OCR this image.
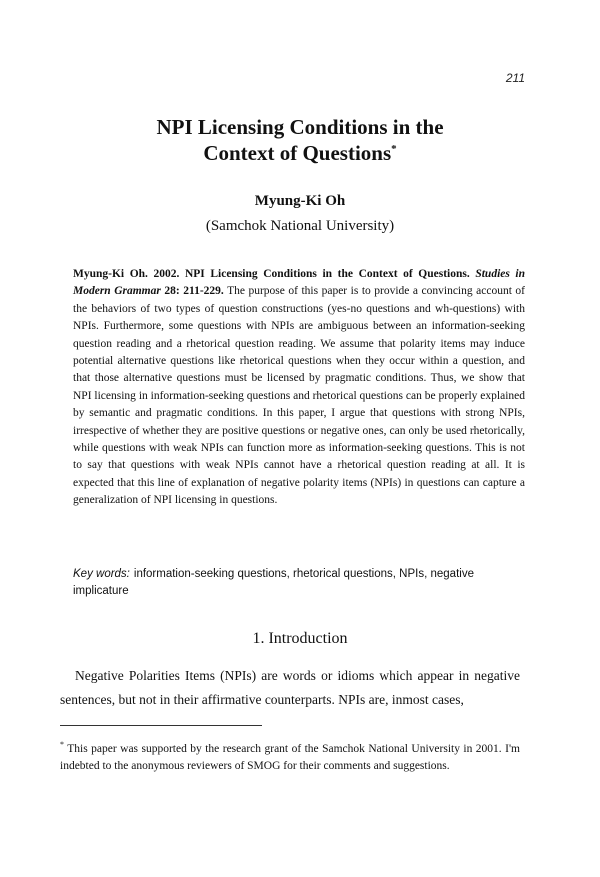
211
NPI Licensing Conditions in the
Context of Questions*
Myung-Ki Oh
(Samchok National University)
Myung-Ki Oh. 2002. NPI Licensing Conditions in the Context of Questions. Studies in Modern Grammar 28: 211-229. The purpose of this paper is to provide a convincing account of the behaviors of two types of question constructions (yes-no questions and wh-questions) with NPIs. Furthermore, some questions with NPIs are ambiguous between an information-seeking question reading and a rhetorical question reading. We assume that polarity items may induce potential alternative questions like rhetorical questions when they occur within a question, and that those alternative questions must be licensed by pragmatic conditions. Thus, we show that NPI licensing in information-seeking questions and rhetorical questions can be properly explained by semantic and pragmatic conditions. In this paper, I argue that questions with strong NPIs, irrespective of whether they are positive questions or negative ones, can only be used rhetorically, while questions with weak NPIs can function more as information-seeking questions. This is not to say that questions with weak NPIs cannot have a rhetorical question reading at all. It is expected that this line of explanation of negative polarity items (NPIs) in questions can capture a generalization of NPI licensing in questions.
Key words: information-seeking questions, rhetorical questions, NPIs, negative implicature
1. Introduction
Negative Polarities Items (NPIs) are words or idioms which appear in negative sentences, but not in their affirmative counterparts. NPIs are, inmost cases,
* This paper was supported by the research grant of the Samchok National University in 2001. I'm indebted to the anonymous reviewers of SMOG for their comments and suggestions.
